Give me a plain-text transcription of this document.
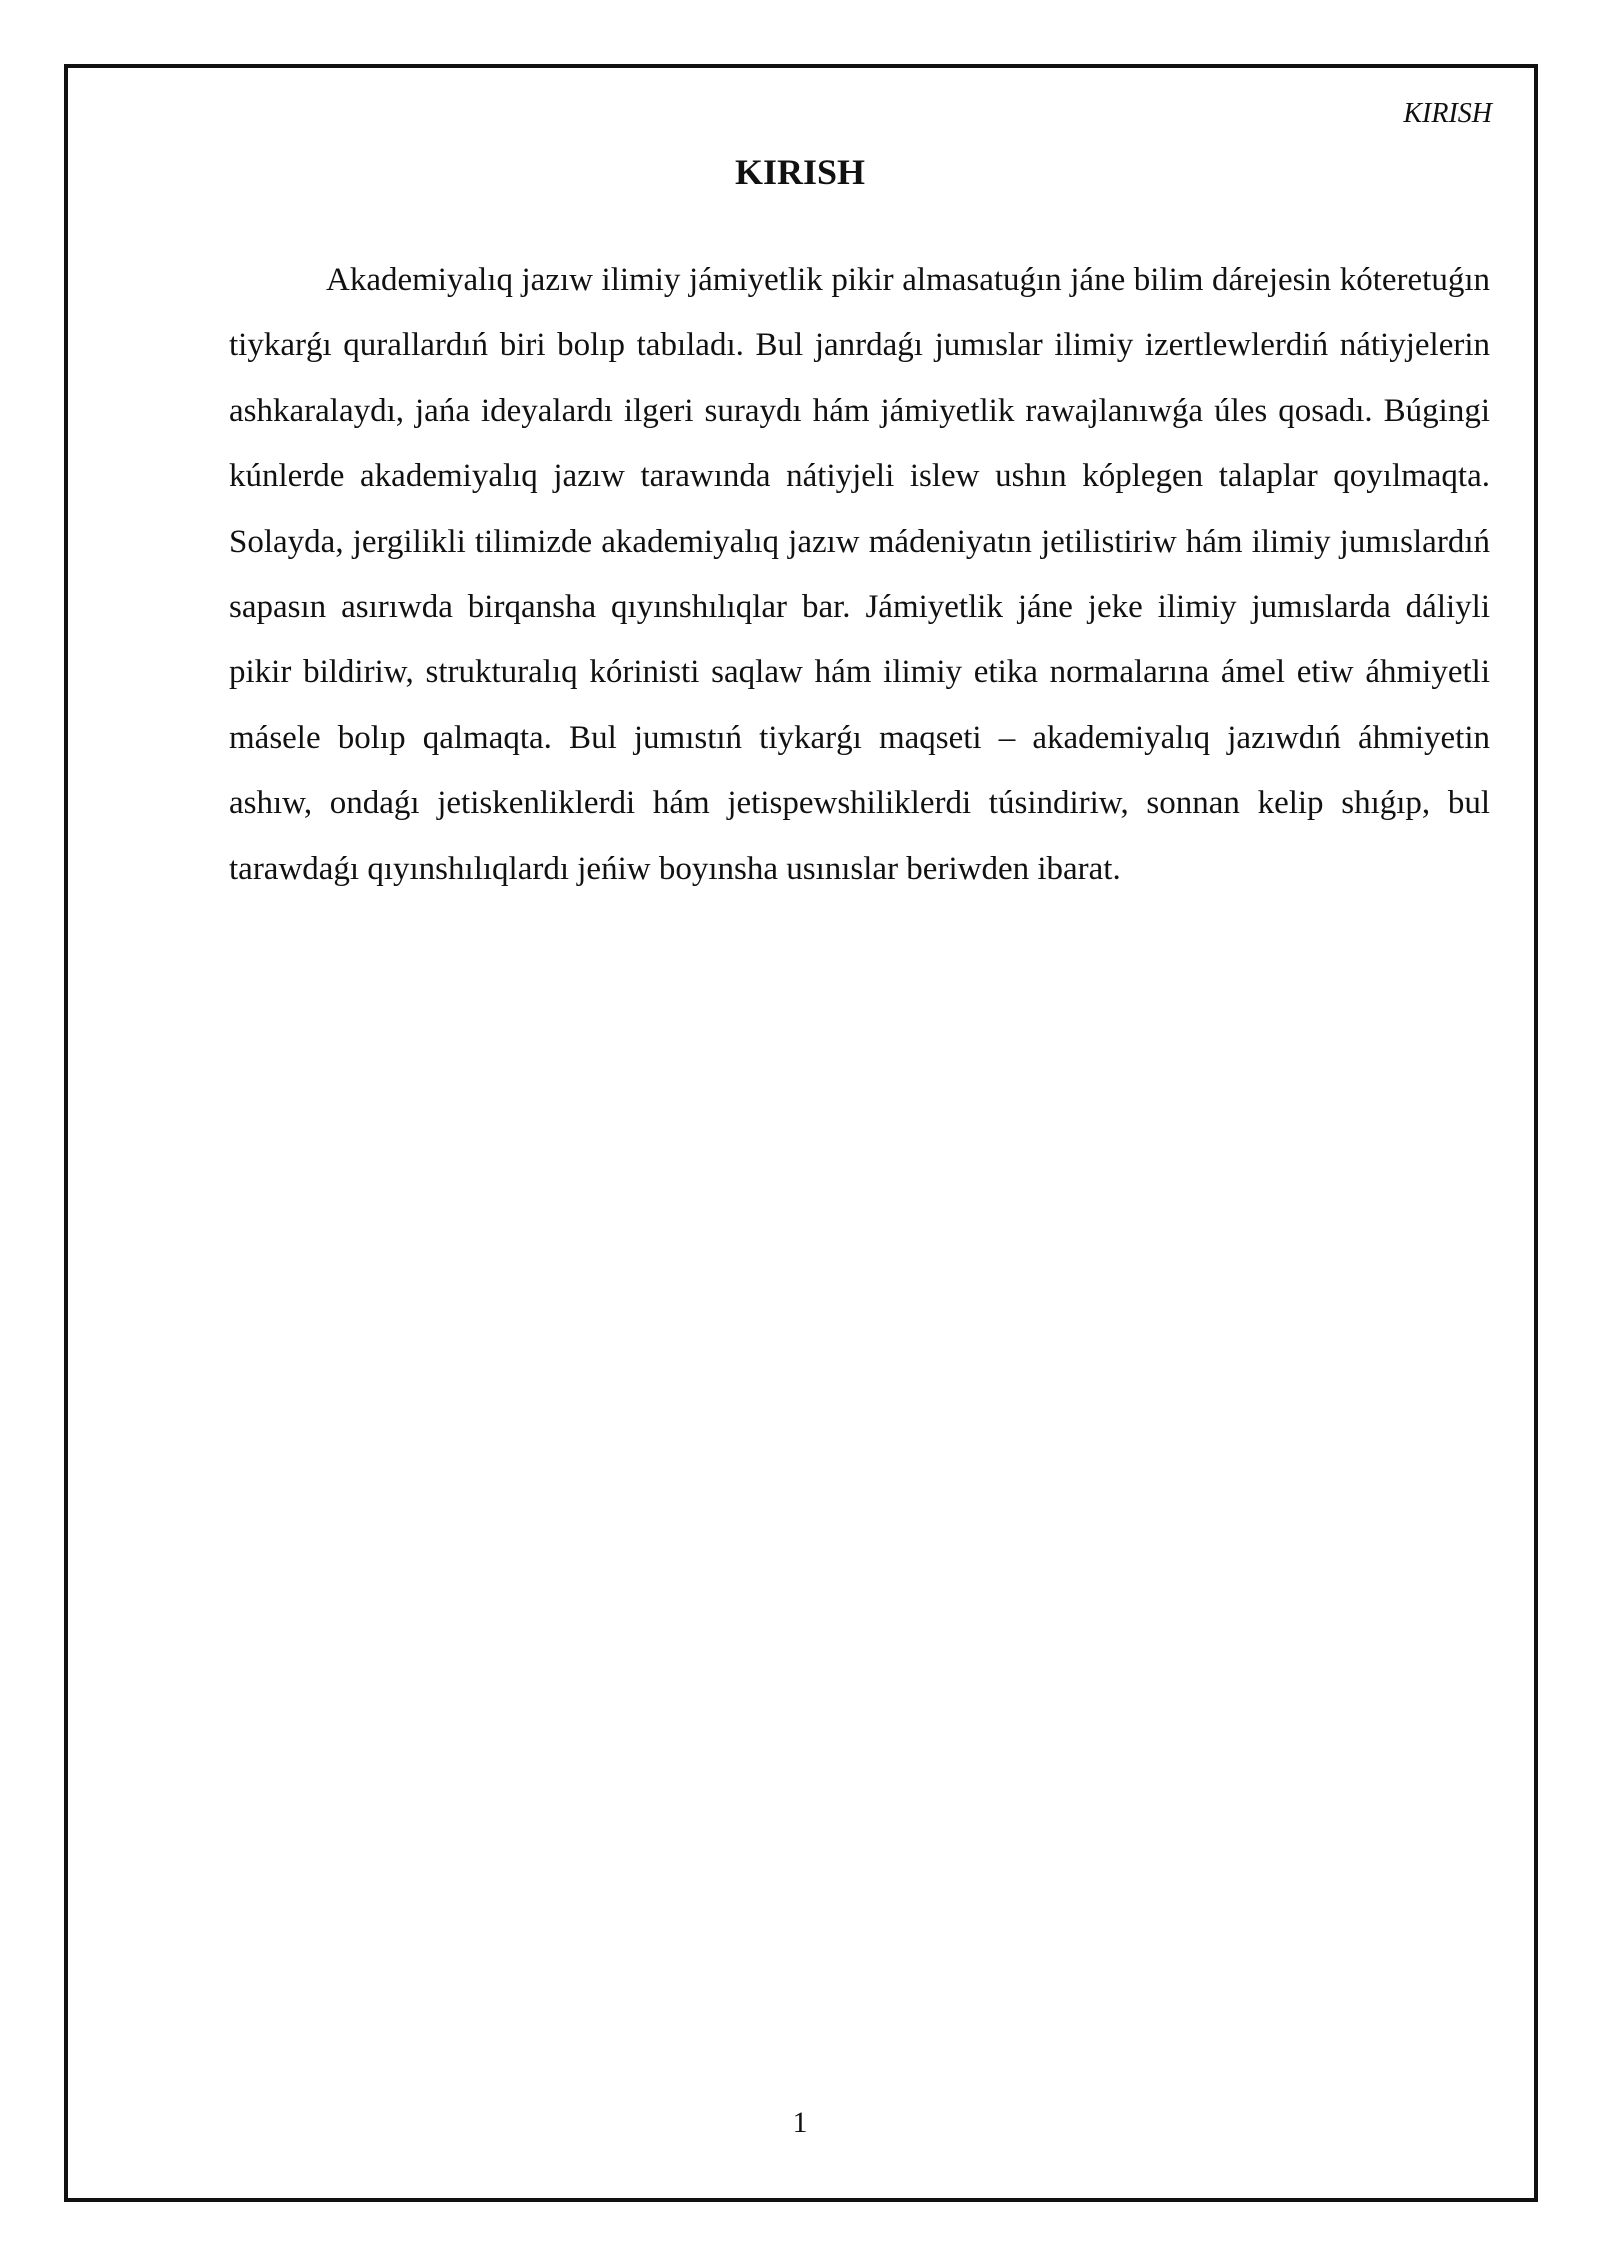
KIRISH
KIRISH

Akademiyalıq jazıw ilimiy jámiyetlik pikir almasatuǵın jáne bilim dárejesin kóteretuǵın tiykarǵı qurallardıń biri bolıp tabıladı. Bul janrdaǵı jumıslar ilimiy izertlewlerdiń nátiyjelerin ashkaralaydı, jańa ideyalardı ilgeri suraydı hám jámiyetlik rawajlanıwǵa úles qosadı. Búgingi kúnlerde akademiyalıq jazıw tarawında nátiyjeli islew ushın kóplegen talaplar qoyılmaqta. Solayda, jergilikli tilimizde akademiyalıq jazıw mádeniyatın jetilistiriw hám ilimiy jumıslardıń sapasın asırıwda birqansha qıyınshılıqlar bar. Jámiyetlik jáne jeke ilimiy jumıslarda dáliyli pikir bildiriw, strukturalıq kórinisti saqlaw hám ilimiy etika normalarına ámel etiw áhmiyetli másele bolıp qalmaqta. Bul jumıstıń tiykarǵı maqseti – akademiyalıq jazıwdıń áhmiyetin ashıw, ondaǵı jetiskenliklerdi hám jetispewshiliklerdi túsindiriw, sonnan kelip shıǵıp, bul tarawdaǵı qıyınshılıqlardı jeńiw boyınsha usınıslar beriwden ibarat.

1
